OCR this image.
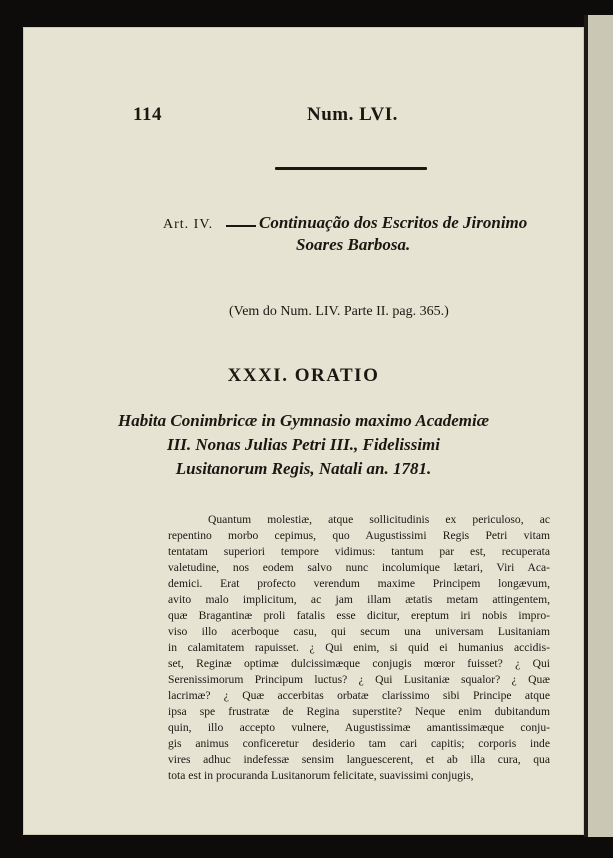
114	Num. LVI.
Art. IV.	Continuação dos Escritos de Jironimo
Soares Barbosa.
(Vem do Num. LIV. Parte II. pag. 365.)
XXXI. ORATIO
Habita Conimbricæ in Gymnasio maximo Academiæ
III. Nonas Julias Petri III., Fidelissimi
Lusitanorum Regis, Natali an. 1781.
Quantum molestiæ, atque sollicitudinis ex periculoso, ac
repentino morbo cepimus, quo Augustissimi Regis Petri vitam
tentatam superiori tempore vidimus: tantum par est, recuperata
valetudine, nos eodem salvo nunc incolumique lætari, Viri Aca-
demici. Erat profecto verendum maxime Principem longævum,
avito malo implicitum, ac jam illam ætatis metam attingentem,
quæ Bragantinæ proli fatalis esse dicitur, ereptum iri nobis impro-
viso illo acerboque casu, qui secum una universam Lusitaniam
in calamitatem rapuisset. ¿ Qui enim, si quid ei humanius accidis-
set, Reginæ optimæ dulcissimæque conjugis mœror fuisset? ¿ Qui
Serenissimorum Principum luctus? ¿ Qui Lusitaniæ squalor? ¿ Quæ
lacrimæ? ¿ Quæ accerbitas orbatæ clarissimo sibi Principe atque
ipsa spe frustratæ de Regina superstite? Neque enim dubitandum
quin, illo accepto vulnere, Augustissimæ amantissimæque conju-
gis animus conficeretur desiderio tam cari capitis; corporis inde
vires adhuc indefessæ sensim languescerent, et ab illa cura, qua
tota est in procuranda Lusitanorum felicitate, suavissimi conjugis,
